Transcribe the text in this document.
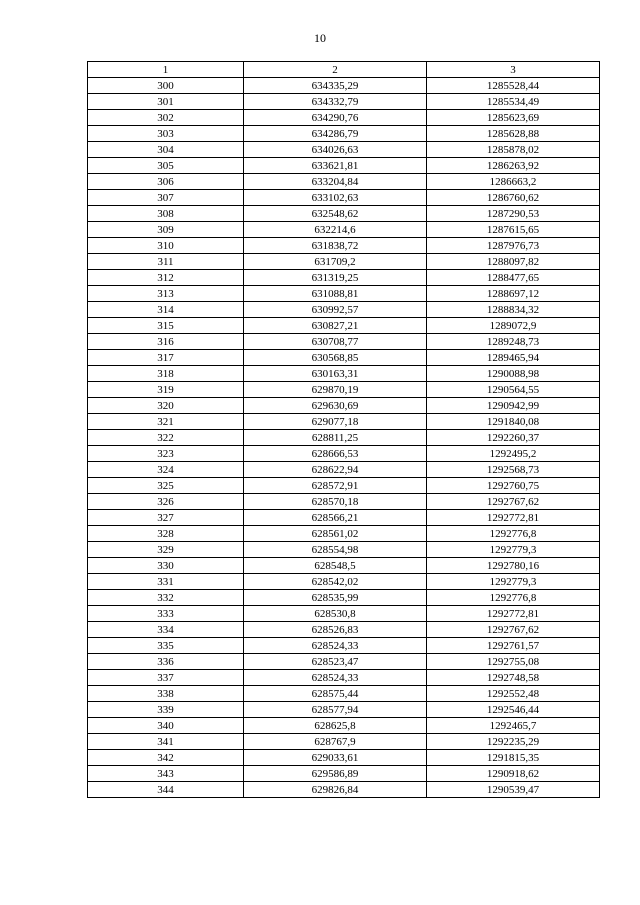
10
1	2	3
300	634335,29	1285528,44
301	634332,79	1285534,49
302	634290,76	1285623,69
303	634286,79	1285628,88
304	634026,63	1285878,02
305	633621,81	1286263,92
306	633204,84	1286663,2
307	633102,63	1286760,62
308	632548,62	1287290,53
309	632214,6	1287615,65
310	631838,72	1287976,73
311	631709,2	1288097,82
312	631319,25	1288477,65
313	631088,81	1288697,12
314	630992,57	1288834,32
315	630827,21	1289072,9
316	630708,77	1289248,73
317	630568,85	1289465,94
318	630163,31	1290088,98
319	629870,19	1290564,55
320	629630,69	1290942,99
321	629077,18	1291840,08
322	628811,25	1292260,37
323	628666,53	1292495,2
324	628622,94	1292568,73
325	628572,91	1292760,75
326	628570,18	1292767,62
327	628566,21	1292772,81
328	628561,02	1292776,8
329	628554,98	1292779,3
330	628548,5	1292780,16
331	628542,02	1292779,3
332	628535,99	1292776,8
333	628530,8	1292772,81
334	628526,83	1292767,62
335	628524,33	1292761,57
336	628523,47	1292755,08
337	628524,33	1292748,58
338	628575,44	1292552,48
339	628577,94	1292546,44
340	628625,8	1292465,7
341	628767,9	1292235,29
342	629033,61	1291815,35
343	629586,89	1290918,62
344	629826,84	1290539,47
